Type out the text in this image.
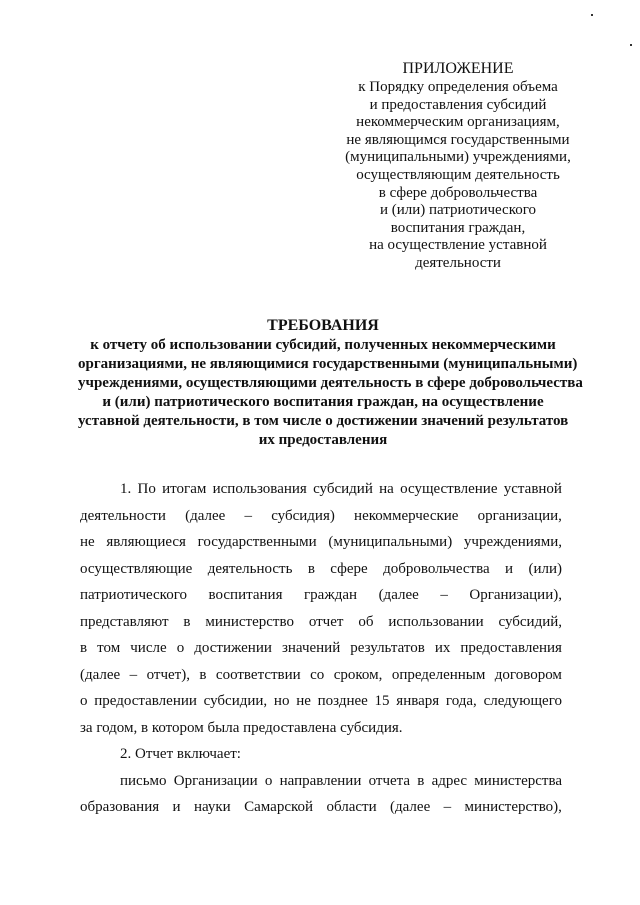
ПРИЛОЖЕНИЕ
к Порядку определения объема
и предоставления субсидий
некоммерческим организациям,
не являющимся государственными
(муниципальными) учреждениями,
осуществляющим деятельность
в сфере добровольчества
и (или) патриотического
воспитания граждан,
на осуществление уставной
деятельности
ТРЕБОВАНИЯ
к отчету об использовании субсидий, полученных некоммерческими
организациями, не являющимися государственными (муниципальными)
учреждениями, осуществляющими деятельность в сфере добровольчества
и (или) патриотического воспитания граждан, на осуществление
уставной деятельности, в том числе о достижении значений результатов
их предоставления
1. По итогам использования субсидий на осуществление уставной
деятельности (далее – субсидия) некоммерческие организации,
не являющиеся государственными (муниципальными) учреждениями,
осуществляющие деятельность в сфере добровольчества и (или)
патриотического воспитания граждан (далее – Организации),
представляют в министерство отчет об использовании субсидий,
в том числе о достижении значений результатов их предоставления
(далее – отчет), в соответствии со сроком, определенным договором
о предоставлении субсидии, но не позднее 15 января года, следующего
за годом, в котором была предоставлена субсидия.
2. Отчет включает:
письмо Организации о направлении отчета в адрес министерства
образования и науки Самарской области (далее – министерство),
